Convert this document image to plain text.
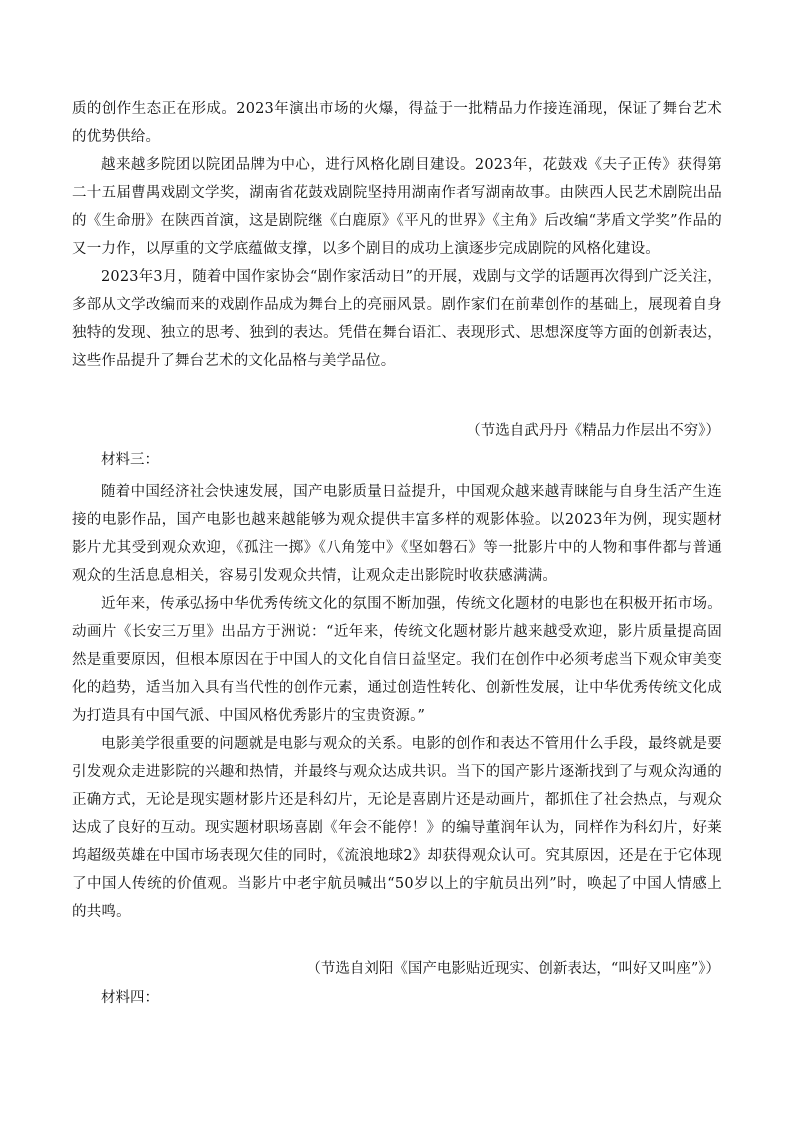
质的创作生态正在形成。2023年演出市场的火爆，得益于一批精品力作接连涌现，保证了舞台艺术的优势供给。

越来越多院团以院团品牌为中心，进行风格化剧目建设。2023年，花鼓戏《夫子正传》获得第二十五届曹禺戏剧文学奖，湖南省花鼓戏剧院坚持用湖南作者写湖南故事。由陕西人民艺术剧院出品的《生命册》在陕西首演，这是剧院继《白鹿原》《平凡的世界》《主角》后改编“茅盾文学奖”作品的又一力作，以厚重的文学底蕴做支撑，以多个剧目的成功上演逐步完成剧院的风格化建设。

2023年3月，随着中国作家协会“剧作家活动日”的开展，戏剧与文学的话题再次得到广泛关注，多部从文学改编而来的戏剧作品成为舞台上的亮丽风景。剧作家们在前辈创作的基础上，展现着自身独特的发现、独立的思考、独到的表达。凭借在舞台语汇、表现形式、思想深度等方面的创新表达，这些作品提升了舞台艺术的文化品格与美学品位。

（节选自武丹丹《精品力作层出不穷》）
材料三：

随着中国经济社会快速发展，国产电影质量日益提升，中国观众越来越青睐能与自身生活产生连接的电影作品，国产电影也越来越能够为观众提供丰富多样的观影体验。以2023年为例，现实题材影片尤其受到观众欢迎，《孤注一掷》《八角笼中》《坚如磐石》等一批影片中的人物和事件都与普通观众的生活息息相关，容易引发观众共情，让观众走出影院时收获感满满。

近年来，传承弘扬中华优秀传统文化的氛围不断加强，传统文化题材的电影也在积极开拓市场。动画片《长安三万里》出品方于洲说：“近年来，传统文化题材影片越来越受欢迎，影片质量提高固然是重要原因，但根本原因在于中国人的文化自信日益坚定。我们在创作中必须考虑当下观众审美变化的趋势，适当加入具有当代性的创作元素，通过创造性转化、创新性发展，让中华优秀传统文化成为打造具有中国气派、中国风格优秀影片的宝贵资源。”

电影美学很重要的问题就是电影与观众的关系。电影的创作和表达不管用什么手段，最终就是要引发观众走进影院的兴趣和热情，并最终与观众达成共识。当下的国产影片逐渐找到了与观众沟通的正确方式，无论是现实题材影片还是科幻片，无论是喜剧片还是动画片，都抓住了社会热点，与观众达成了良好的互动。现实题材职场喜剧《年会不能停！》的编导董润年认为，同样作为科幻片，好莱坞超级英雄在中国市场表现欠佳的同时，《流浪地球2》却获得观众认可。究其原因，还是在于它体现了中国人传统的价值观。当影片中老宇航员喊出“50岁以上的宇航员出列”时，唤起了中国人情感上的共鸣。

（节选自刘阳《国产电影贴近现实、创新表达，“叫好又叫座”》）
材料四：
